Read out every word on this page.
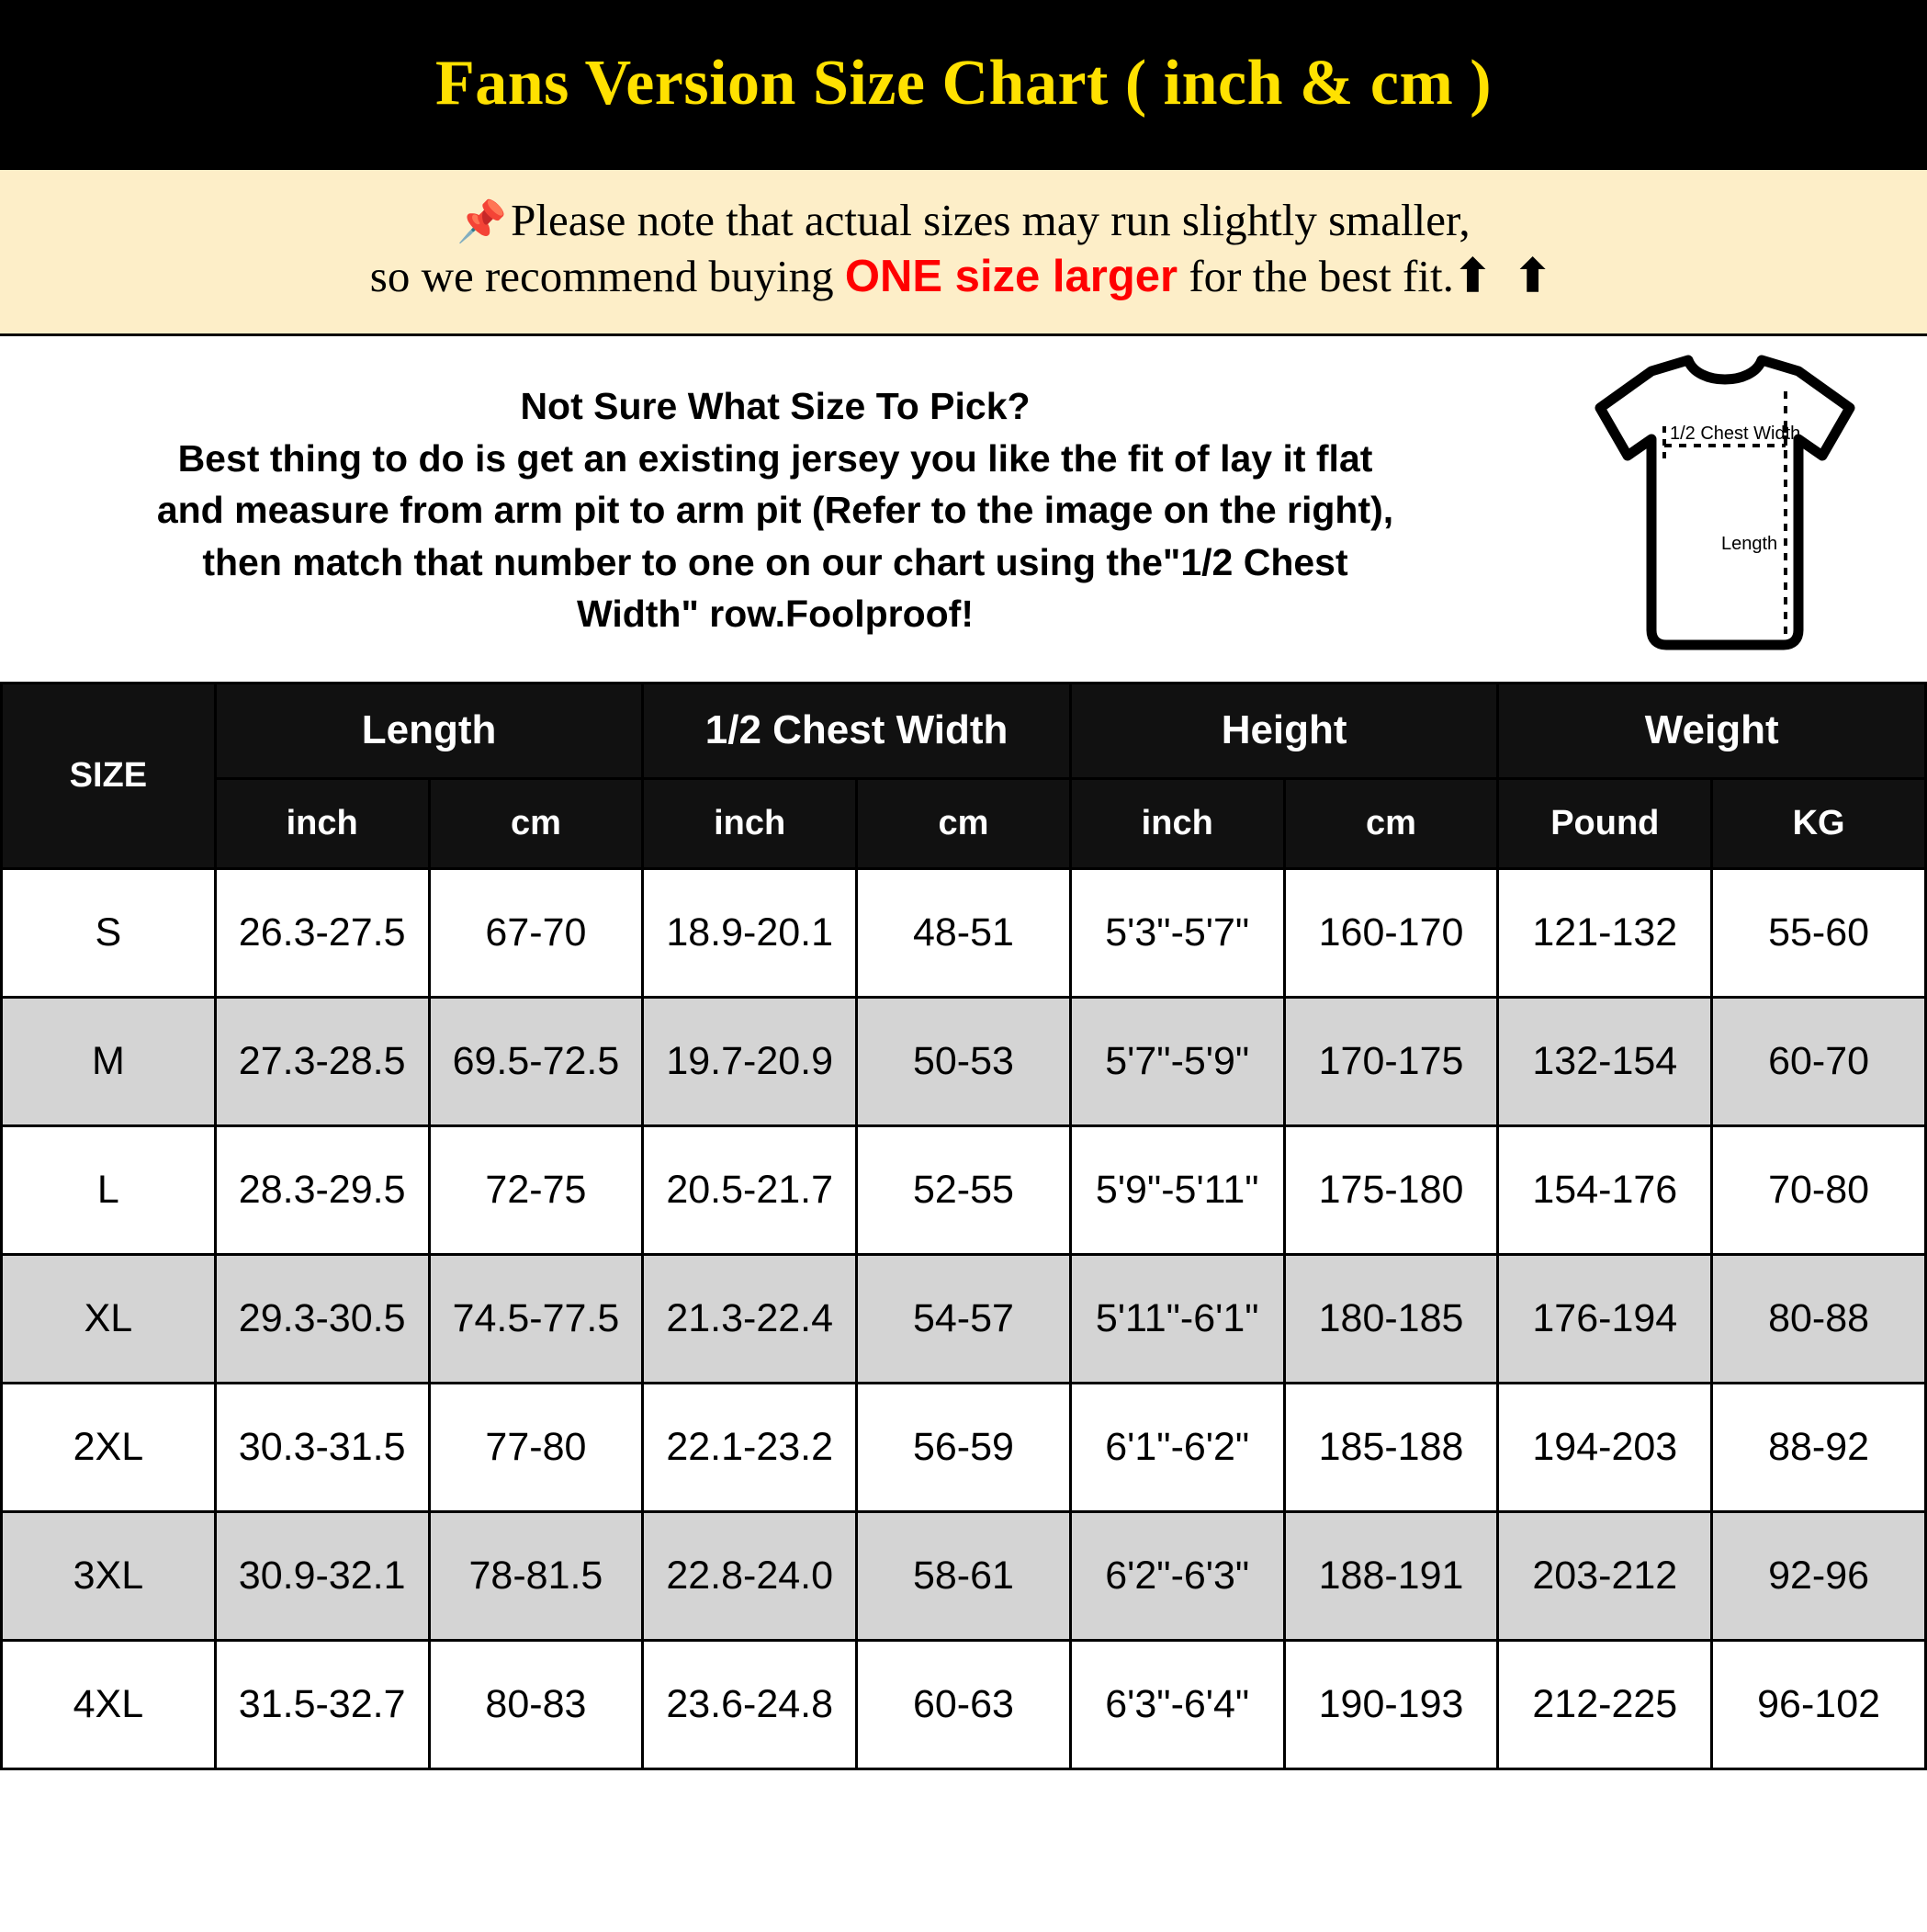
Fans Version Size Chart ( inch & cm )
📌Please note that actual sizes may run slightly smaller,
so we recommend buying ONE size larger for the best fit.⬆ ⬆
Not Sure What Size To Pick?
Best thing to do is get an existing jersey you like the fit of lay it flat
and measure from arm pit to arm pit (Refer to the image on the right),
then match that number to one on our chart using the"1/2 Chest
Width" row.Foolproof!
1/2 Chest Width
Length
SIZE	Length		1/2 Chest Width		Height		Weight	
	inch	cm	inch	cm	inch	cm	Pound	KG
S	26.3-27.5	67-70	18.9-20.1	48-51	5'3"-5'7"	160-170	121-132	55-60
M	27.3-28.5	69.5-72.5	19.7-20.9	50-53	5'7"-5'9"	170-175	132-154	60-70
L	28.3-29.5	72-75	20.5-21.7	52-55	5'9"-5'11"	175-180	154-176	70-80
XL	29.3-30.5	74.5-77.5	21.3-22.4	54-57	5'11"-6'1"	180-185	176-194	80-88
2XL	30.3-31.5	77-80	22.1-23.2	56-59	6'1"-6'2"	185-188	194-203	88-92
3XL	30.9-32.1	78-81.5	22.8-24.0	58-61	6'2"-6'3"	188-191	203-212	92-96
4XL	31.5-32.7	80-83	23.6-24.8	60-63	6'3"-6'4"	190-193	212-225	96-102
